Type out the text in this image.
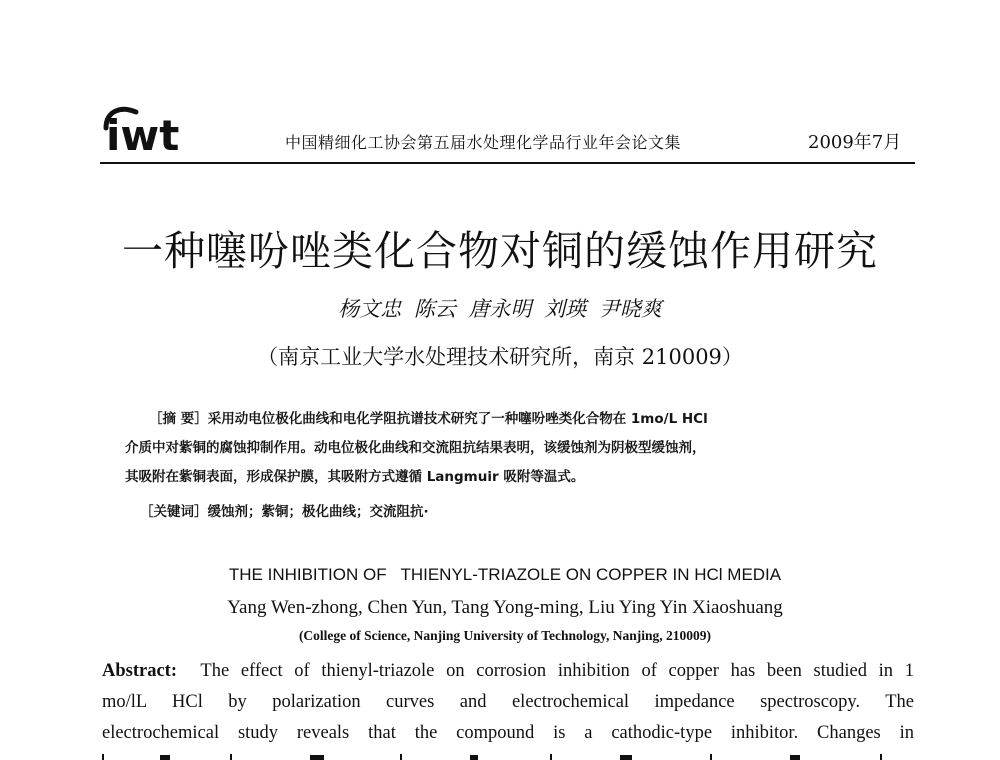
iwt	中国精细化工协会第五届水处理化学品行业年会论文集	2009年7月
一种噻吩唑类化合物对铜的缓蚀作用研究
杨文忠 陈云 唐永明 刘瑛 尹晓爽
（南京工业大学水处理技术研究所，南京 210009）
［摘 要］采用动电位极化曲线和电化学阻抗谱技术研究了一种噻吩唑类化合物在 1mo/L HCl
介质中对紫铜的腐蚀抑制作用。动电位极化曲线和交流阻抗结果表明，该缓蚀剂为阴极型缓蚀剂，
其吸附在紫铜表面，形成保护膜，其吸附方式遵循 Langmuir 吸附等温式。
［关键词］缓蚀剂；紫铜；极化曲线；交流阻抗·
THE INHIBITION OF   THIENYL-TRIAZOLE ON COPPER IN HCl MEDIA
Yang Wen-zhong, Chen Yun, Tang Yong-ming, Liu Ying Yin Xiaoshuang
(College of Science, Nanjing University of Technology, Nanjing, 210009)
Abstract: The effect of thienyl-triazole on corrosion inhibition of copper has been studied in 1
mo/lL HCl by polarization curves and electrochemical impedance spectroscopy. The
electrochemical study reveals that the compound is a cathodic-type inhibitor. Changes in
